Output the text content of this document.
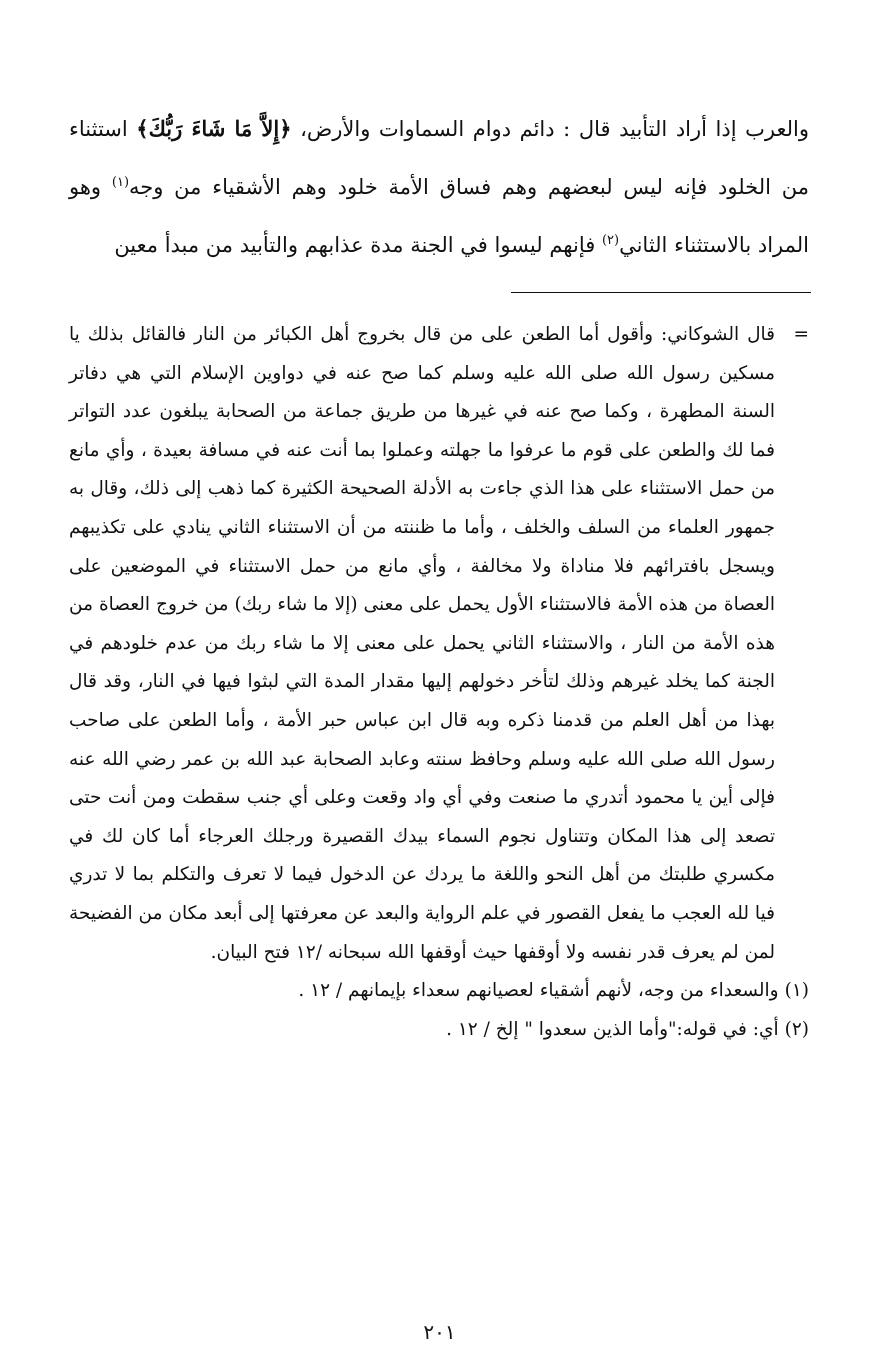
والعرب إذا أراد التأبيد قال : دائم دوام السماوات والأرض، ﴿إِلاَّ مَا شَاءَ رَبُّكَ﴾ استثناء من الخلود فإنه ليس لبعضهم وهم فساق الأمة خلود وهم الأشقياء من وجه$^{(١)}$ وهو المراد بالاستثناء الثاني$^{(٢)}$ فإنهم ليسوا في الجنة مدة عذابهم والتأبيد من مبدأ معين

=

قال الشوكاني: وأقول أما الطعن على من قال بخروج أهل الكبائر من النار فالقائل بذلك يا مسكين رسول الله صلى الله عليه وسلم كما صح عنه في دواوين الإسلام التي هي دفاتر السنة المطهرة ، وكما صح عنه في غيرها من طريق جماعة من الصحابة يبلغون عدد التواتر فما لك والطعن على قوم ما عرفوا ما جهلته وعملوا بما أنت عنه في مسافة بعيدة ، وأي مانع من حمل الاستثناء على هذا الذي جاءت به الأدلة الصحيحة الكثيرة كما ذهب إلى ذلك، وقال به جمهور العلماء من السلف والخلف ، وأما ما ظننته من أن الاستثناء الثاني ينادي على تكذيبهم ويسجل بافترائهم فلا مناداة ولا مخالفة ، وأي مانع من حمل الاستثناء في الموضعين على العصاة من هذه الأمة فالاستثناء الأول يحمل على معنى (إلا ما شاء ربك) من خروج العصاة من هذه الأمة من النار ، والاستثناء الثاني يحمل على معنى إلا ما شاء ربك من عدم خلودهم في الجنة كما يخلد غيرهم وذلك لتأخر دخولهم إليها مقدار المدة التي لبثوا فيها في النار، وقد قال بهذا من أهل العلم من قدمنا ذكره وبه قال ابن عباس حبر الأمة ، وأما الطعن على صاحب رسول الله صلى الله عليه وسلم وحافظ سنته وعابد الصحابة عبد الله بن عمر رضي الله عنه فإلى أين يا محمود أتدري ما صنعت وفي أي واد وقعت وعلى أي جنب سقطت ومن أنت حتى تصعد إلى هذا المكان وتتناول نجوم السماء بيدك القصيرة ورجلك العرجاء أما كان لك في مكسري طلبتك من أهل النحو واللغة ما يردك عن الدخول فيما لا تعرف والتكلم بما لا تدري فيا لله العجب ما يفعل القصور في علم الرواية والبعد عن معرفتها إلى أبعد مكان من الفضيحة لمن لم يعرف قدر نفسه ولا أوقفها حيث أوقفها الله سبحانه /١٢ فتح البيان.

(١)والسعداء من وجه، لأنهم أشقياء لعصيانهم سعداء بإيمانهم / ١٢ .

(٢)أي: في قوله:"وأما الذين سعدوا " إلخ / ١٢ .

٢٠١
